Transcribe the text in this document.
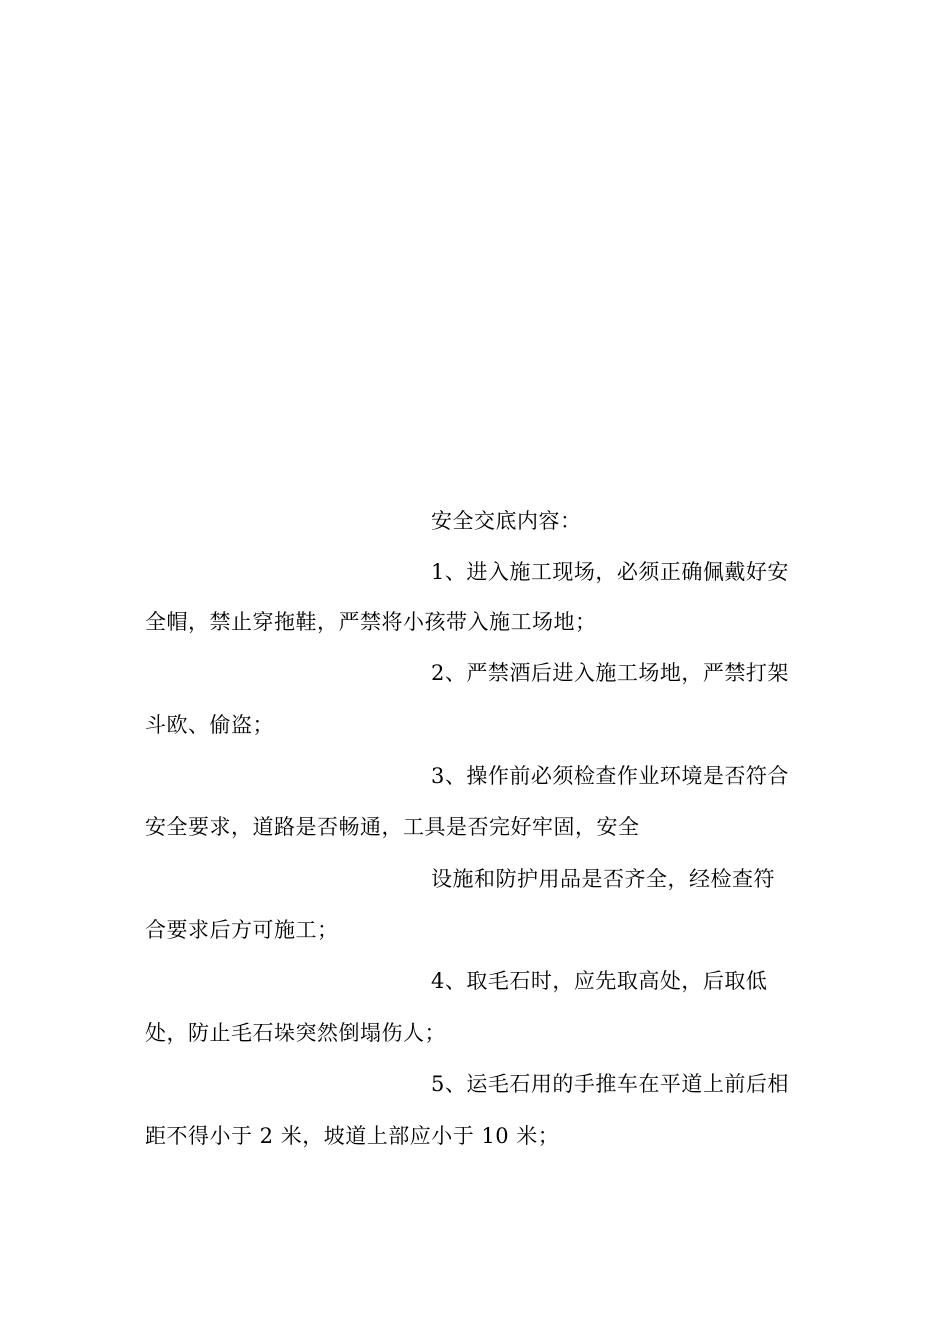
安全交底内容：
1、进入施工现场，必须正确佩戴好安
全帽，禁止穿拖鞋，严禁将小孩带入施工场地；
2、严禁酒后进入施工场地，严禁打架
斗欧、偷盗；
3、操作前必须检查作业环境是否符合
安全要求，道路是否畅通，工具是否完好牢固，安全
设施和防护用品是否齐全，经检查符
合要求后方可施工；
4、取毛石时，应先取高处，后取低
处，防止毛石垛突然倒塌伤人；
5、运毛石用的手推车在平道上前后相
距不得小于 2 米，坡道上部应小于 10 米；
